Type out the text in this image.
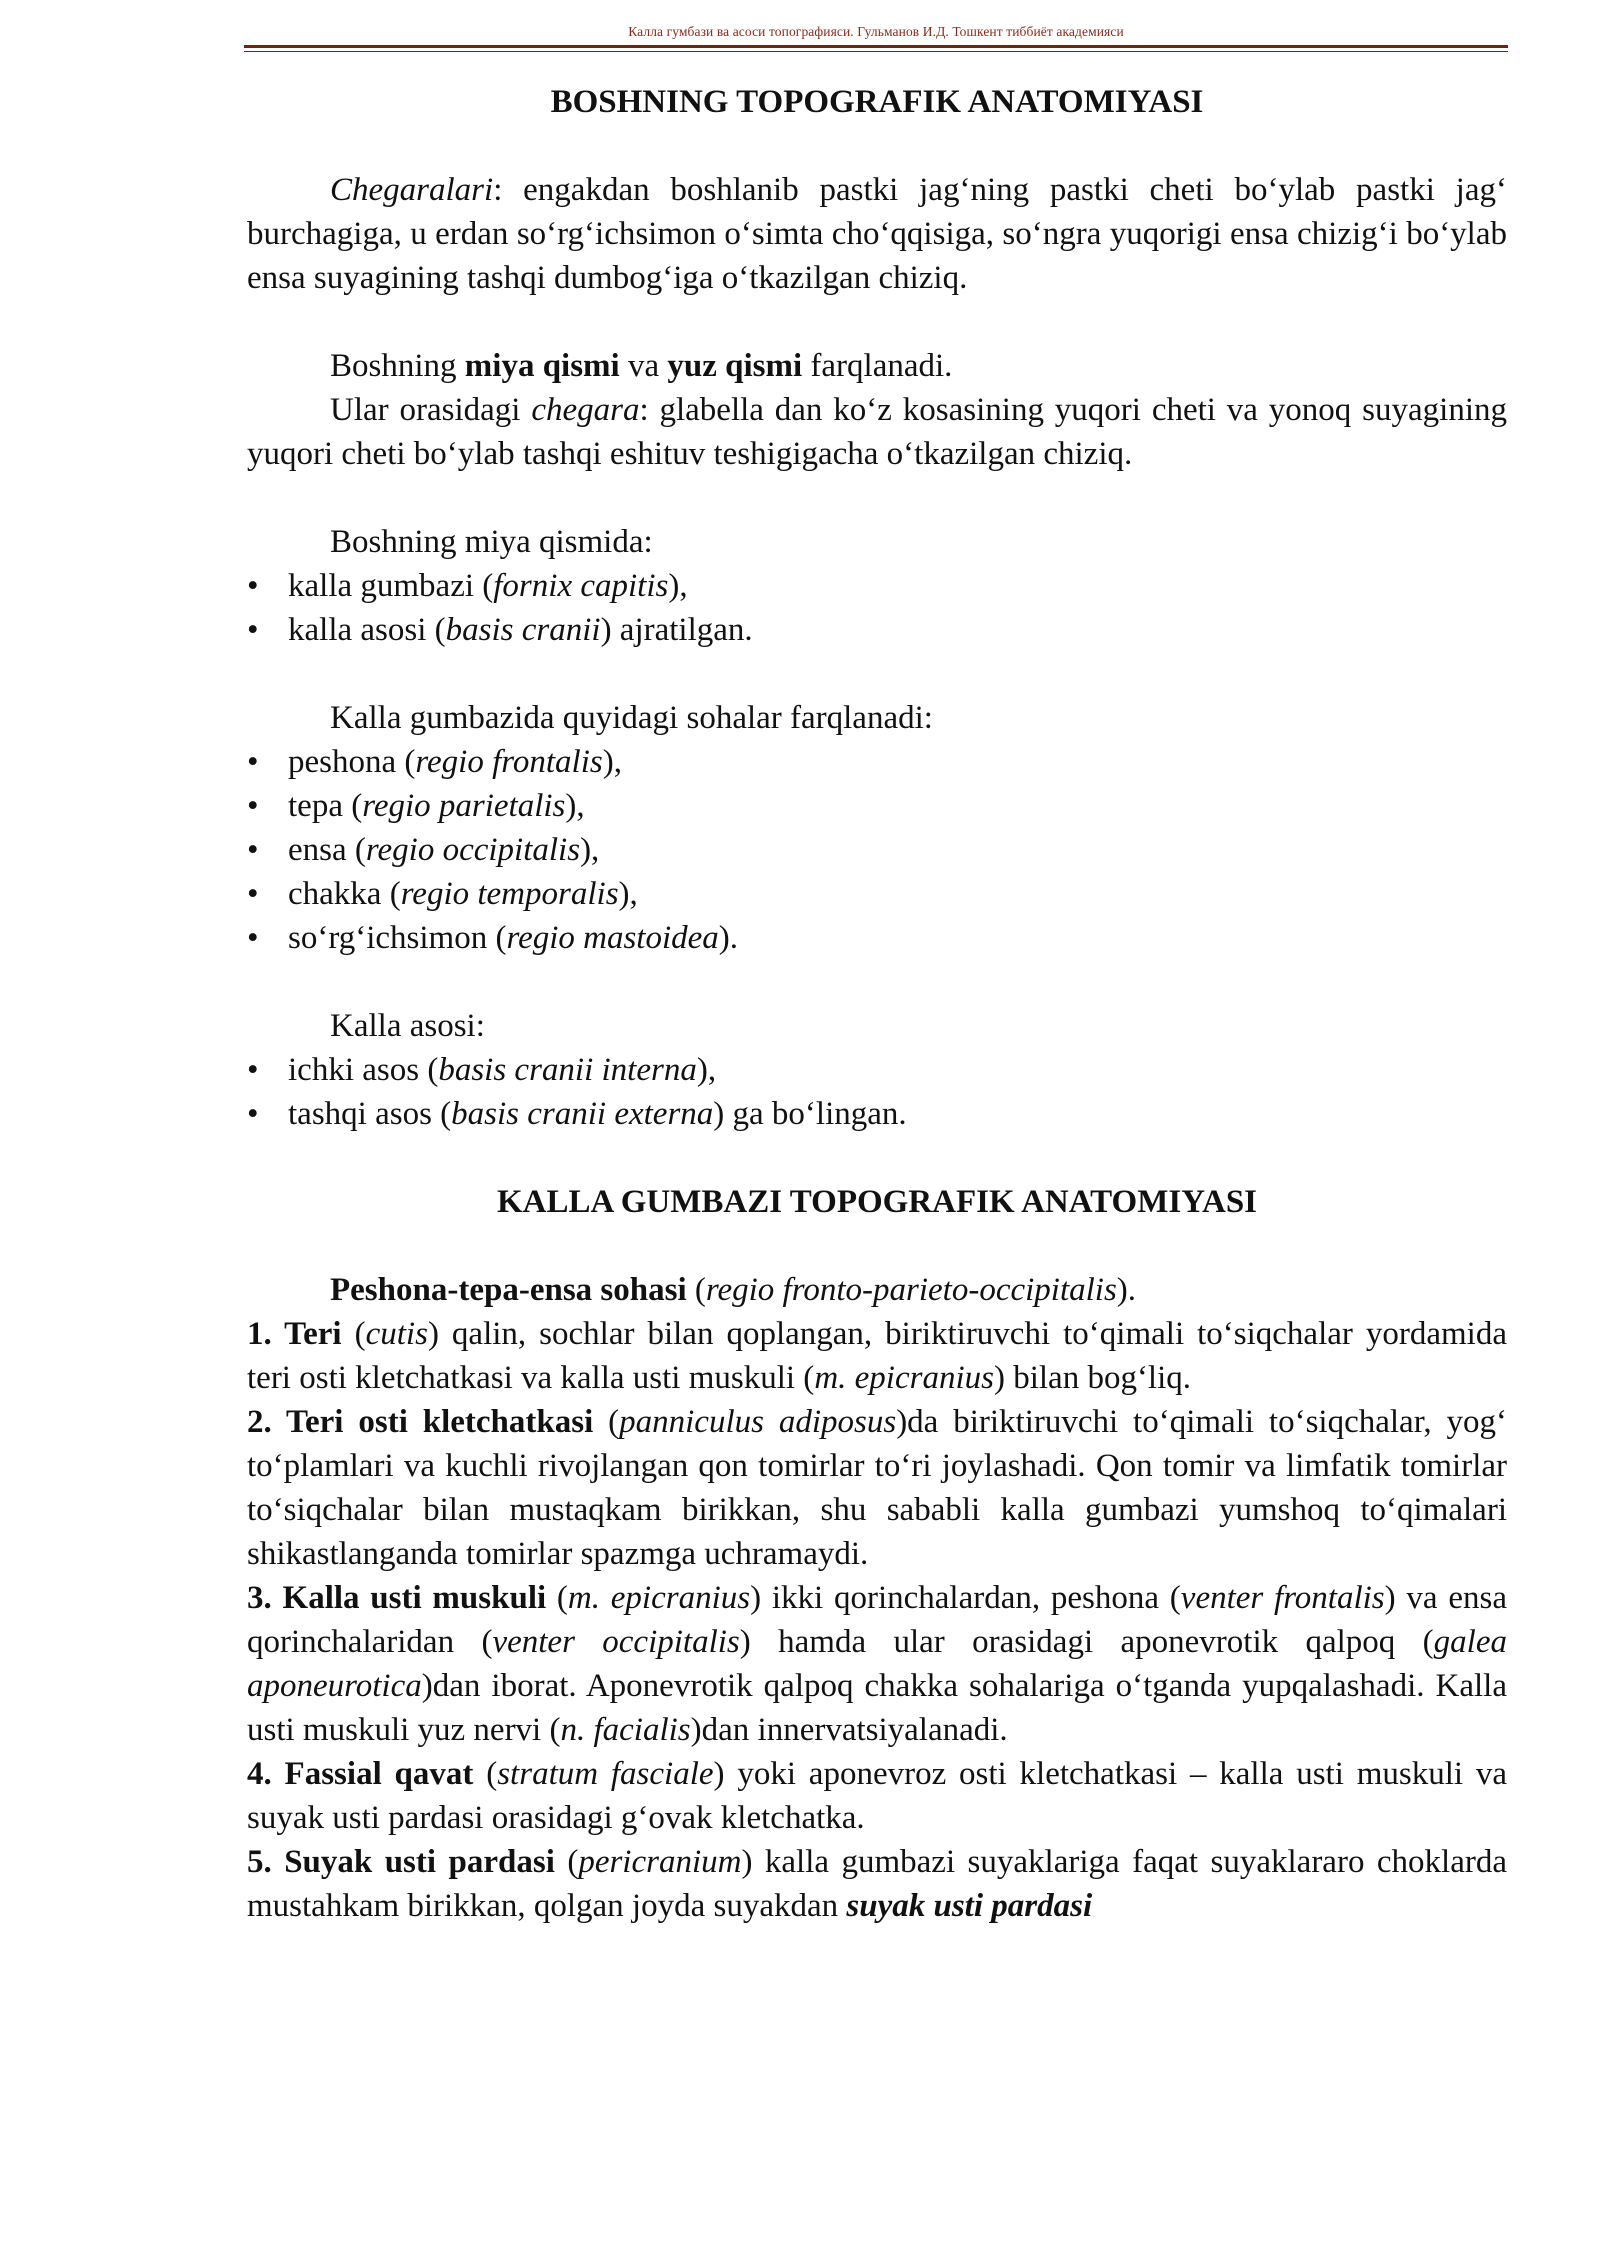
Калла гумбази ва асоси топографияси. Гульманов И.Д. Тошкент тиббиёт академияси
BOSHNING TOPOGRAFIK ANATOMIYASI

Chegaralari: engakdan boshlanib pastki jag‘ning pastki cheti bo‘ylab pastki jag‘ burchagiga, u erdan so‘rg‘ichsimon o‘simta cho‘qqisiga, so‘ngra yuqorigi ensa chizig‘i bo‘ylab ensa suyagining tashqi dumbog‘iga o‘tkazilgan chiziq.

Boshning miya qismi va yuz qismi farqlanadi.

Ular orasidagi chegara: glabella dan ko‘z kosasining yuqori cheti va yonoq suyagining yuqori cheti bo‘ylab tashqi eshituv teshigigacha o‘tkazilgan chiziq.

Boshning miya qismida:

• kalla gumbazi (fornix capitis),
• kalla asosi (basis cranii) ajratilgan.

Kalla gumbazida quyidagi sohalar farqlanadi:

• peshona (regio frontalis),
• tepa (regio parietalis),
• ensa (regio occipitalis),
• chakka (regio temporalis),
• so‘rg‘ichsimon (regio mastoidea).

Kalla asosi:

• ichki asos (basis cranii interna),
• tashqi asos (basis cranii externa) ga bo‘lingan.
KALLA GUMBAZI TOPOGRAFIK ANATOMIYASI

Peshona-tepa-ensa sohasi (regio fronto-parieto-occipitalis).

1. Teri (cutis) qalin, sochlar bilan qoplangan, biriktiruvchi to‘qimali to‘siqchalar yordamida teri osti kletchatkasi va kalla usti muskuli (m. epicranius) bilan bog‘liq.

2. Teri osti kletchatkasi (panniculus adiposus)da biriktiruvchi to‘qimali to‘siqchalar, yog‘ to‘plamlari va kuchli rivojlangan qon tomirlar to‘ri joylashadi. Qon tomir va limfatik tomirlar to‘siqchalar bilan mustaqkam birikkan, shu sababli kalla gumbazi yumshoq to‘qimalari shikastlanganda tomirlar spazmga uchramaydi.

3. Kalla usti muskuli (m. epicranius) ikki qorinchalardan, peshona (venter frontalis) va ensa qorinchalaridan (venter occipitalis) hamda ular orasidagi aponevrotik qalpoq (galea aponeurotica)dan iborat. Aponevrotik qalpoq chakka sohalariga o‘tganda yupqalashadi. Kalla usti muskuli yuz nervi (n. facialis)dan innervatsiyalanadi.

4. Fassial qavat (stratum fasciale) yoki aponevroz osti kletchatkasi – kalla usti muskuli va suyak usti pardasi orasidagi g‘ovak kletchatka.

5. Suyak usti pardasi (pericranium) kalla gumbazi suyaklariga faqat suyaklararo choklarda mustahkam birikkan, qolgan joyda suyakdan suyak usti pardasi
